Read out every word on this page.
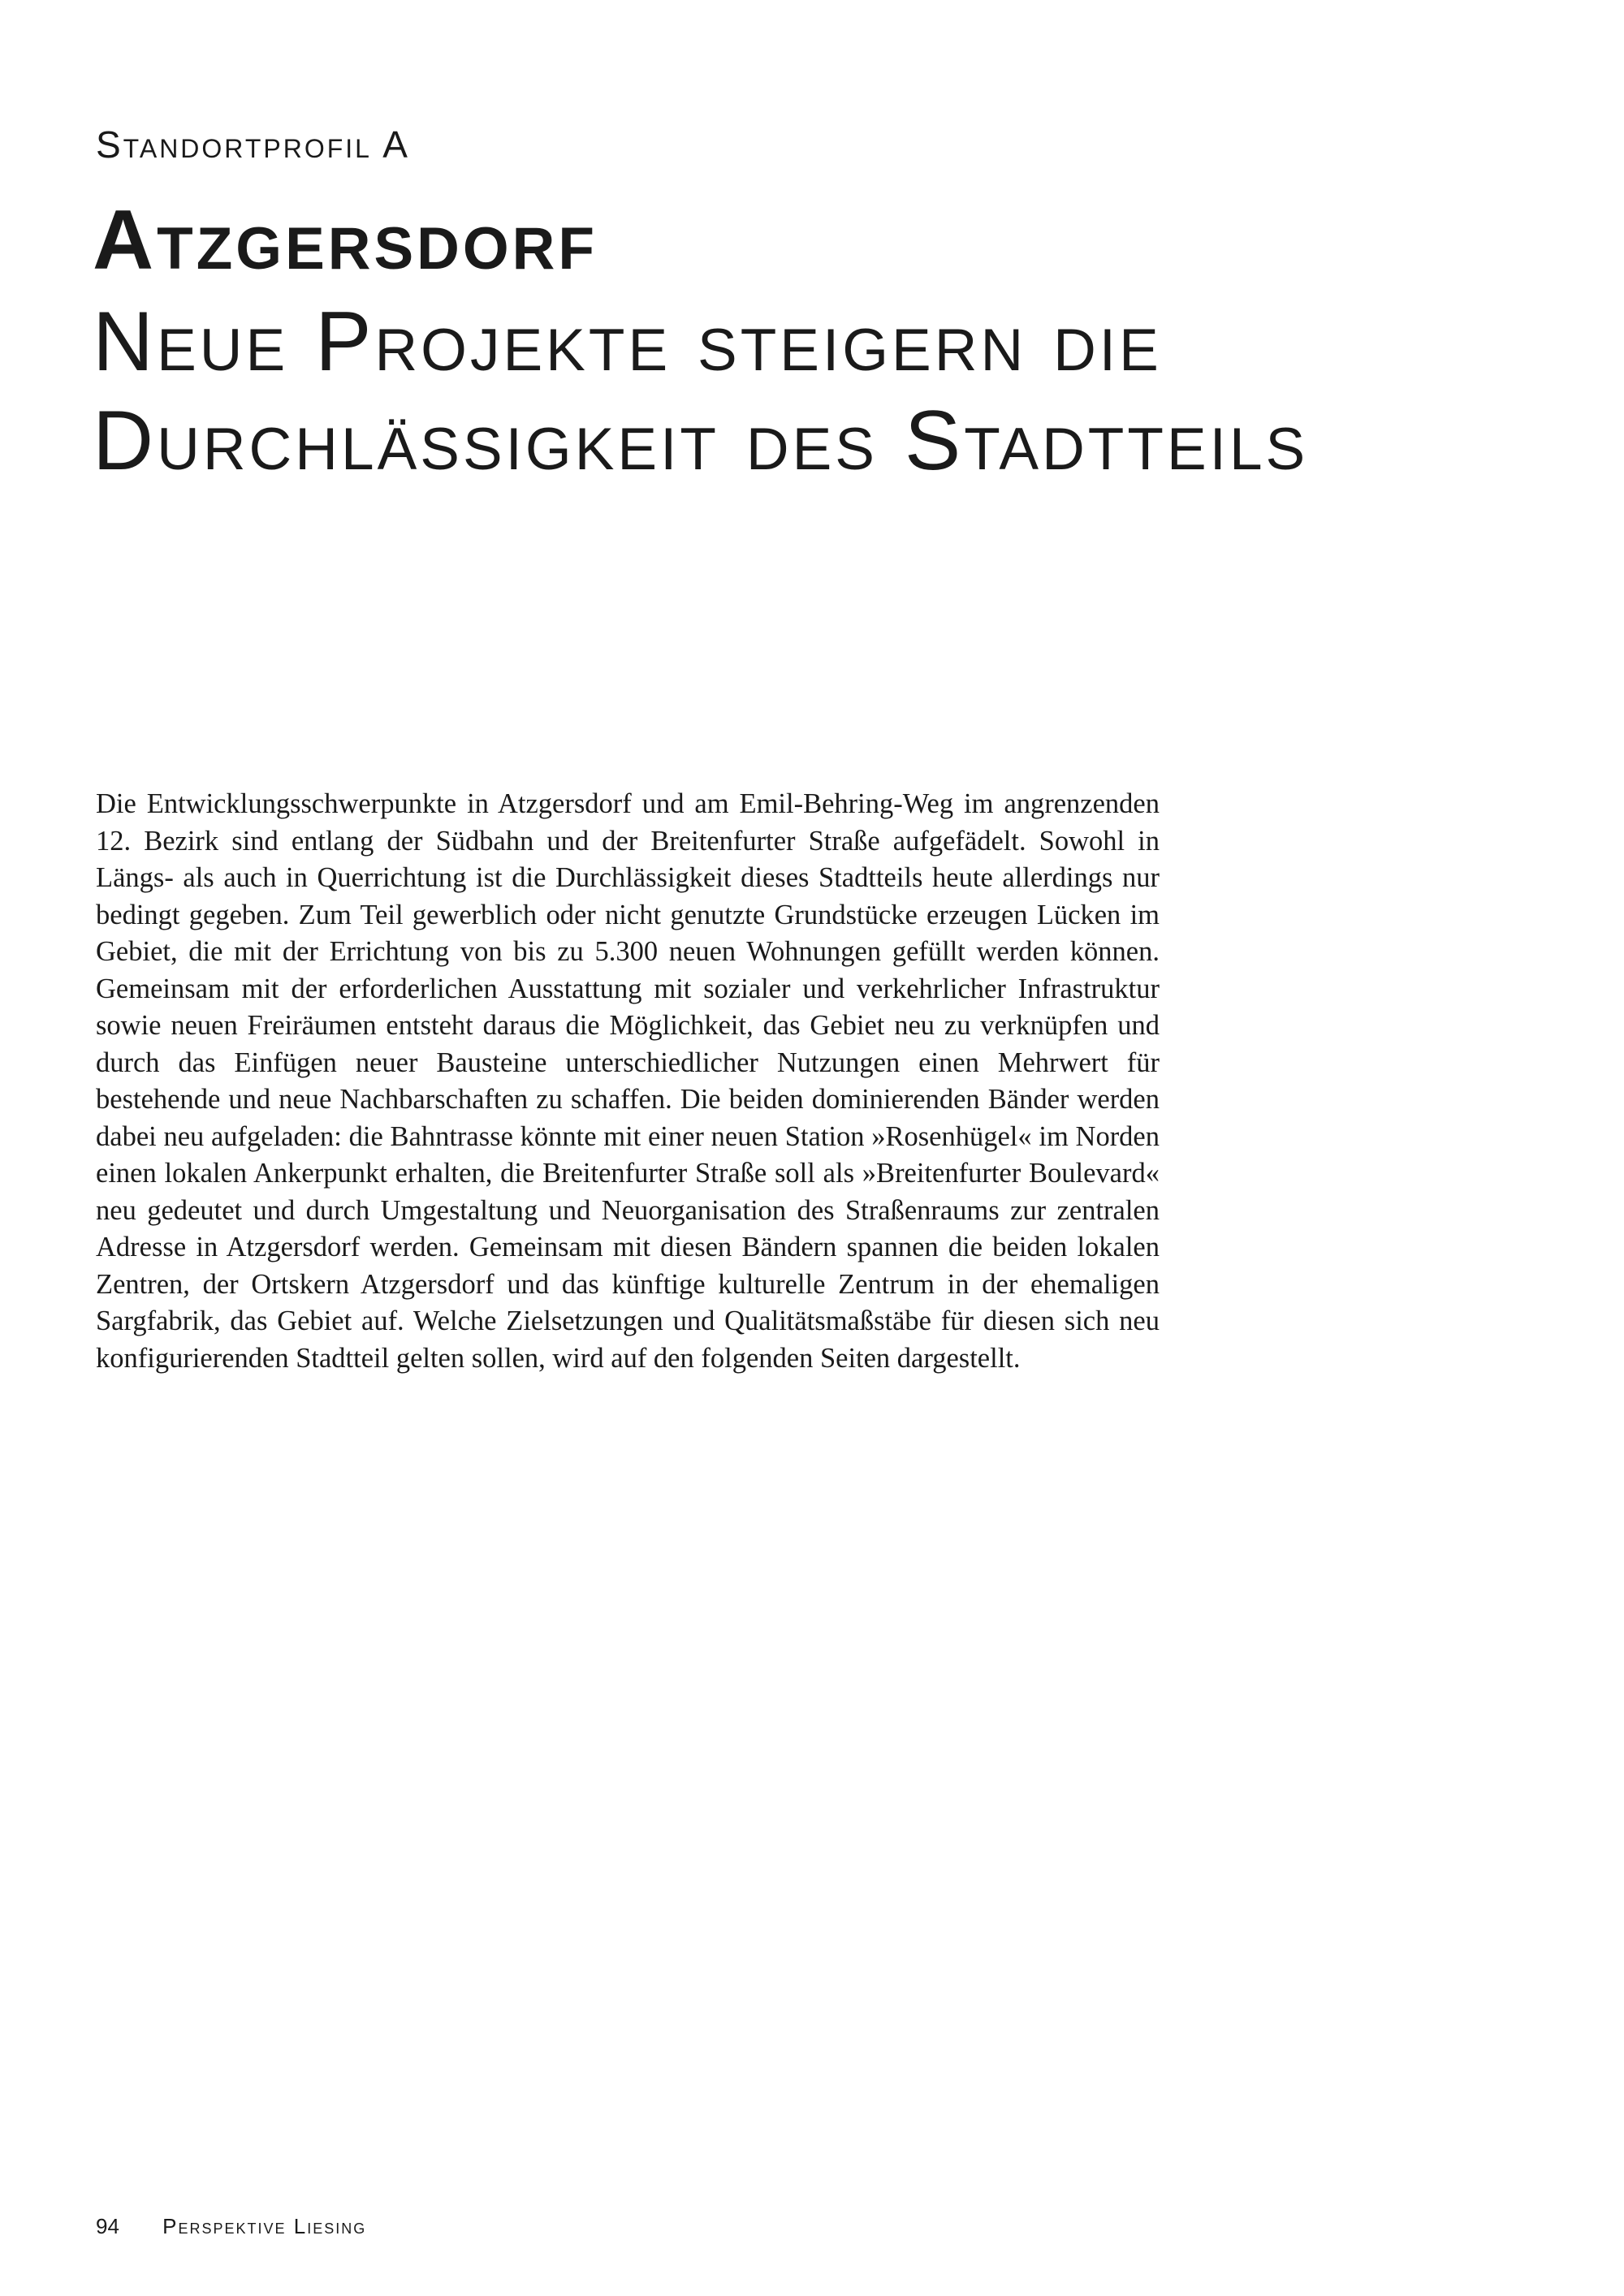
Standortprofil A

Atzgersdorf
Neue Projekte steigern die
Durchlässigkeit des Stadtteils

Die Entwicklungsschwerpunkte in Atzgersdorf und am Emil-Behring-Weg im angrenzenden 12. Bezirk sind entlang der Südbahn und der Breitenfurter Straße aufgefädelt. Sowohl in Längs- als auch in Querrichtung ist die Durchlässigkeit dieses Stadtteils heute allerdings nur bedingt gegeben. Zum Teil gewerblich oder nicht genutzte Grundstücke erzeugen Lücken im Gebiet, die mit der Errichtung von bis zu 5.300 neuen Wohnungen gefüllt werden können. Gemeinsam mit der erforderlichen Ausstattung mit sozialer und verkehrlicher Infrastruktur sowie neuen Freiräumen entsteht daraus die Möglichkeit, das Gebiet neu zu verknüpfen und durch das Einfügen neuer Bausteine unterschiedlicher Nutzungen einen Mehrwert für bestehende und neue Nachbarschaften zu schaffen. Die beiden dominierenden Bänder werden dabei neu aufgeladen: die Bahntrasse könnte mit einer neuen Station »Rosenhügel« im Norden einen lokalen Ankerpunkt erhalten, die Breitenfurter Straße soll als »Breitenfurter Boulevard« neu gedeutet und durch Umgestaltung und Neuorganisation des Straßenraums zur zentralen Adresse in Atzgersdorf werden. Gemeinsam mit diesen Bändern spannen die beiden lokalen Zentren, der Ortskern Atzgersdorf und das künftige kulturelle Zentrum in der ehemaligen Sargfabrik, das Gebiet auf. Welche Zielsetzungen und Qualitätsmaßstäbe für diesen sich neu konfigurierenden Stadtteil gelten sollen, wird auf den folgenden Seiten dargestellt.

94 Perspektive Liesing
